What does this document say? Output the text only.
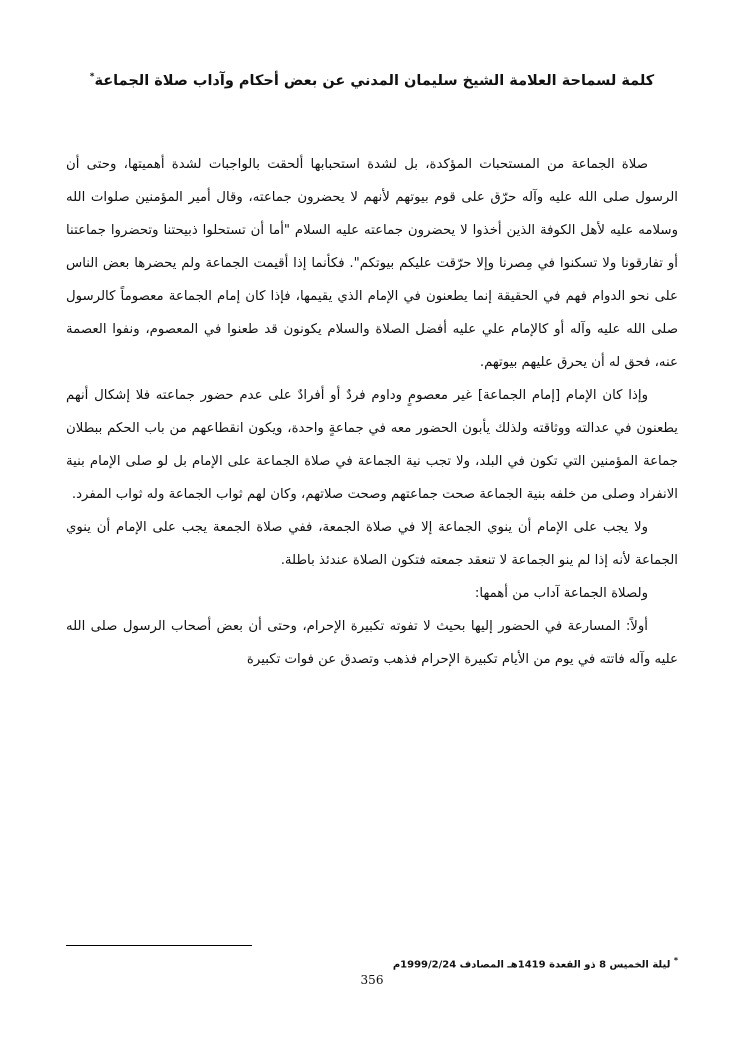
كلمة لسماحة العلامة الشيخ سليمان المدني عن بعض أحكام وآداب صلاة الجماعة*

صلاة الجماعة من المستحبات المؤكدة، بل لشدة استحبابها ألحقت بالواجبات لشدة أهميتها، وحتى أن الرسول صلى الله عليه وآله حرّق على قوم بيوتهم لأنهم لا يحضرون جماعته، وقال أمير المؤمنين صلوات الله وسلامه عليه لأهل الكوفة الذين أخذوا لا يحضرون جماعته عليه السلام "أما أن تستحلوا ذبيحتنا وتحضروا جماعتنا أو تفارقونا ولا تسكنوا في مِصرنا وإلا حرّقت عليكم بيوتكم". فكأنما إذا أقيمت الجماعة ولم يحضرها بعض الناس على نحو الدوام فهم في الحقيقة إنما يطعنون في الإمام الذي يقيمها، فإذا كان إمام الجماعة معصوماً كالرسول صلى الله عليه وآله أو كالإمام علي عليه أفضل الصلاة والسلام يكونون قد طعنوا في المعصوم، ونفوا العصمة عنه، فحق له أن يحرق عليهم بيوتهم.

وإذا كان الإمام [إمام الجماعة] غير معصومٍ وداوم فردٌ أو أفرادٌ على عدم حضور جماعته فلا إشكال أنهم يطعنون في عدالته ووثاقته ولذلك يأبون الحضور معه في جماعةٍ واحدة، ويكون انقطاعهم من باب الحكم ببطلان جماعة المؤمنين التي تكون في البلد، ولا تجب نية الجماعة في صلاة الجماعة على الإمام بل لو صلى الإمام بنية الانفراد وصلى من خلفه بنية الجماعة صحت جماعتهم وصحت صلاتهم، وكان لهم ثواب الجماعة وله ثواب المفرد.

ولا يجب على الإمام أن ينوي الجماعة إلا في صلاة الجمعة، ففي صلاة الجمعة يجب على الإمام أن ينوي الجماعة لأنه إذا لم ينو الجماعة لا تنعقد جمعته فتكون الصلاة عندئذ باطلة.

ولصلاة الجماعة آداب من أهمها:

أولاً: المسارعة في الحضور إليها بحيث لا تفوته تكبيرة الإحرام، وحتى أن بعض أصحاب الرسول صلى الله عليه وآله فاتته في يوم من الأيام تكبيرة الإحرام فذهب وتصدق عن فوات تكبيرة

* ليلة الخميس 8 ذو القعدة 1419هـ المصادف 1999/2/24م
356
